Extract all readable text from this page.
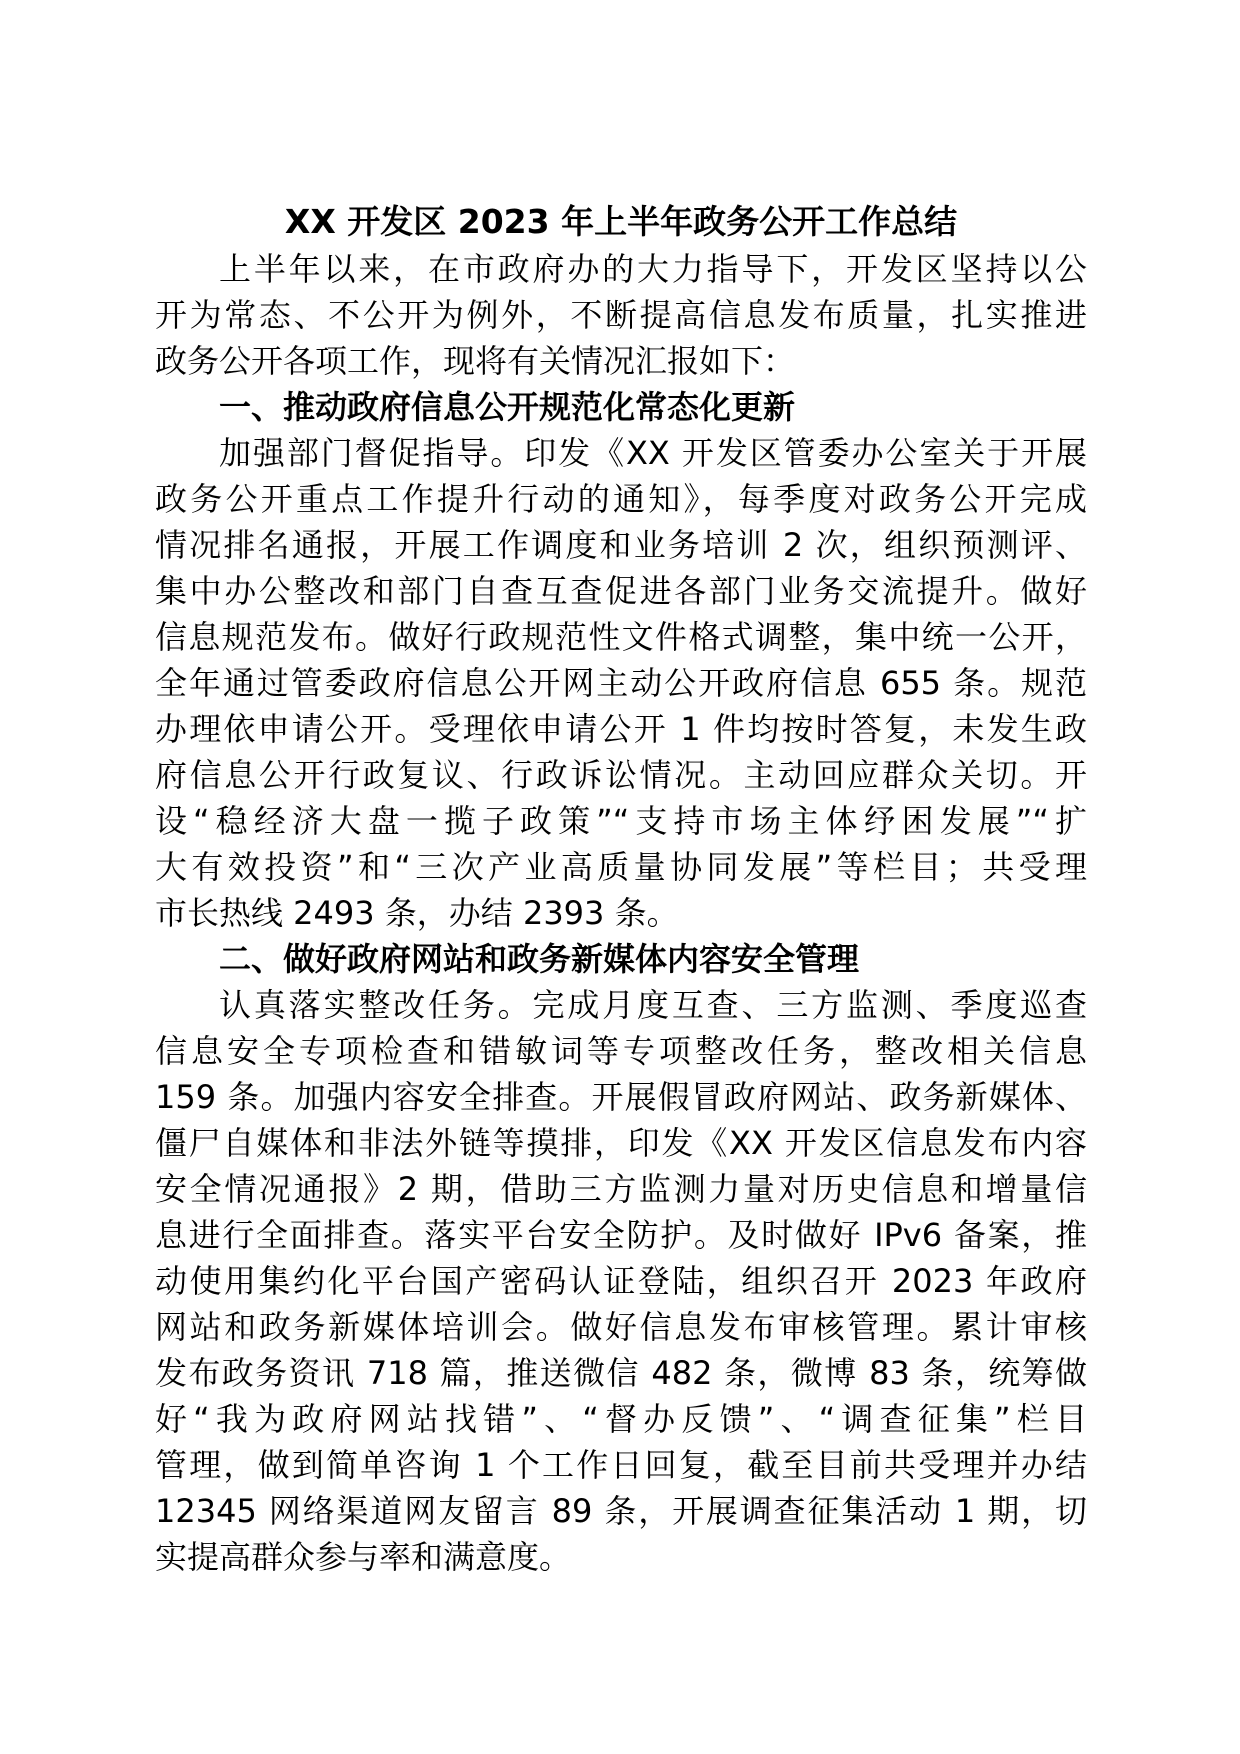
XX 开发区 2023 年上半年政务公开工作总结
上半年以来，在市政府办的大力指导下，开发区坚持以公
开为常态、不公开为例外，不断提高信息发布质量，扎实推进
政务公开各项工作，现将有关情况汇报如下：
一、推动政府信息公开规范化常态化更新
加强部门督促指导。印发《XX 开发区管委办公室关于开展
政务公开重点工作提升行动的通知》，每季度对政务公开完成
情况排名通报，开展工作调度和业务培训 2 次，组织预测评、
集中办公整改和部门自查互查促进各部门业务交流提升。做好
信息规范发布。做好行政规范性文件格式调整，集中统一公开，
全年通过管委政府信息公开网主动公开政府信息 655 条。规范
办理依申请公开。受理依申请公开 1 件均按时答复，未发生政
府信息公开行政复议、行政诉讼情况。主动回应群众关切。开
设“稳经济大盘一揽子政策”“支持市场主体纾困发展”“扩
大有效投资”和“三次产业高质量协同发展”等栏目；共受理
市长热线 2493 条，办结 2393 条。
二、做好政府网站和政务新媒体内容安全管理
认真落实整改任务。完成月度互查、三方监测、季度巡查
信息安全专项检查和错敏词等专项整改任务，整改相关信息
159 条。加强内容安全排查。开展假冒政府网站、政务新媒体、
僵尸自媒体和非法外链等摸排，印发《XX 开发区信息发布内容
安全情况通报》2 期，借助三方监测力量对历史信息和增量信
息进行全面排查。落实平台安全防护。及时做好 IPv6 备案，推
动使用集约化平台国产密码认证登陆，组织召开 2023 年政府
网站和政务新媒体培训会。做好信息发布审核管理。累计审核
发布政务资讯 718 篇，推送微信 482 条，微博 83 条，统筹做
好“我为政府网站找错”、“督办反馈”、“调查征集”栏目
管理，做到简单咨询 1 个工作日回复，截至目前共受理并办结
12345 网络渠道网友留言 89 条，开展调查征集活动 1 期，切
实提高群众参与率和满意度。
